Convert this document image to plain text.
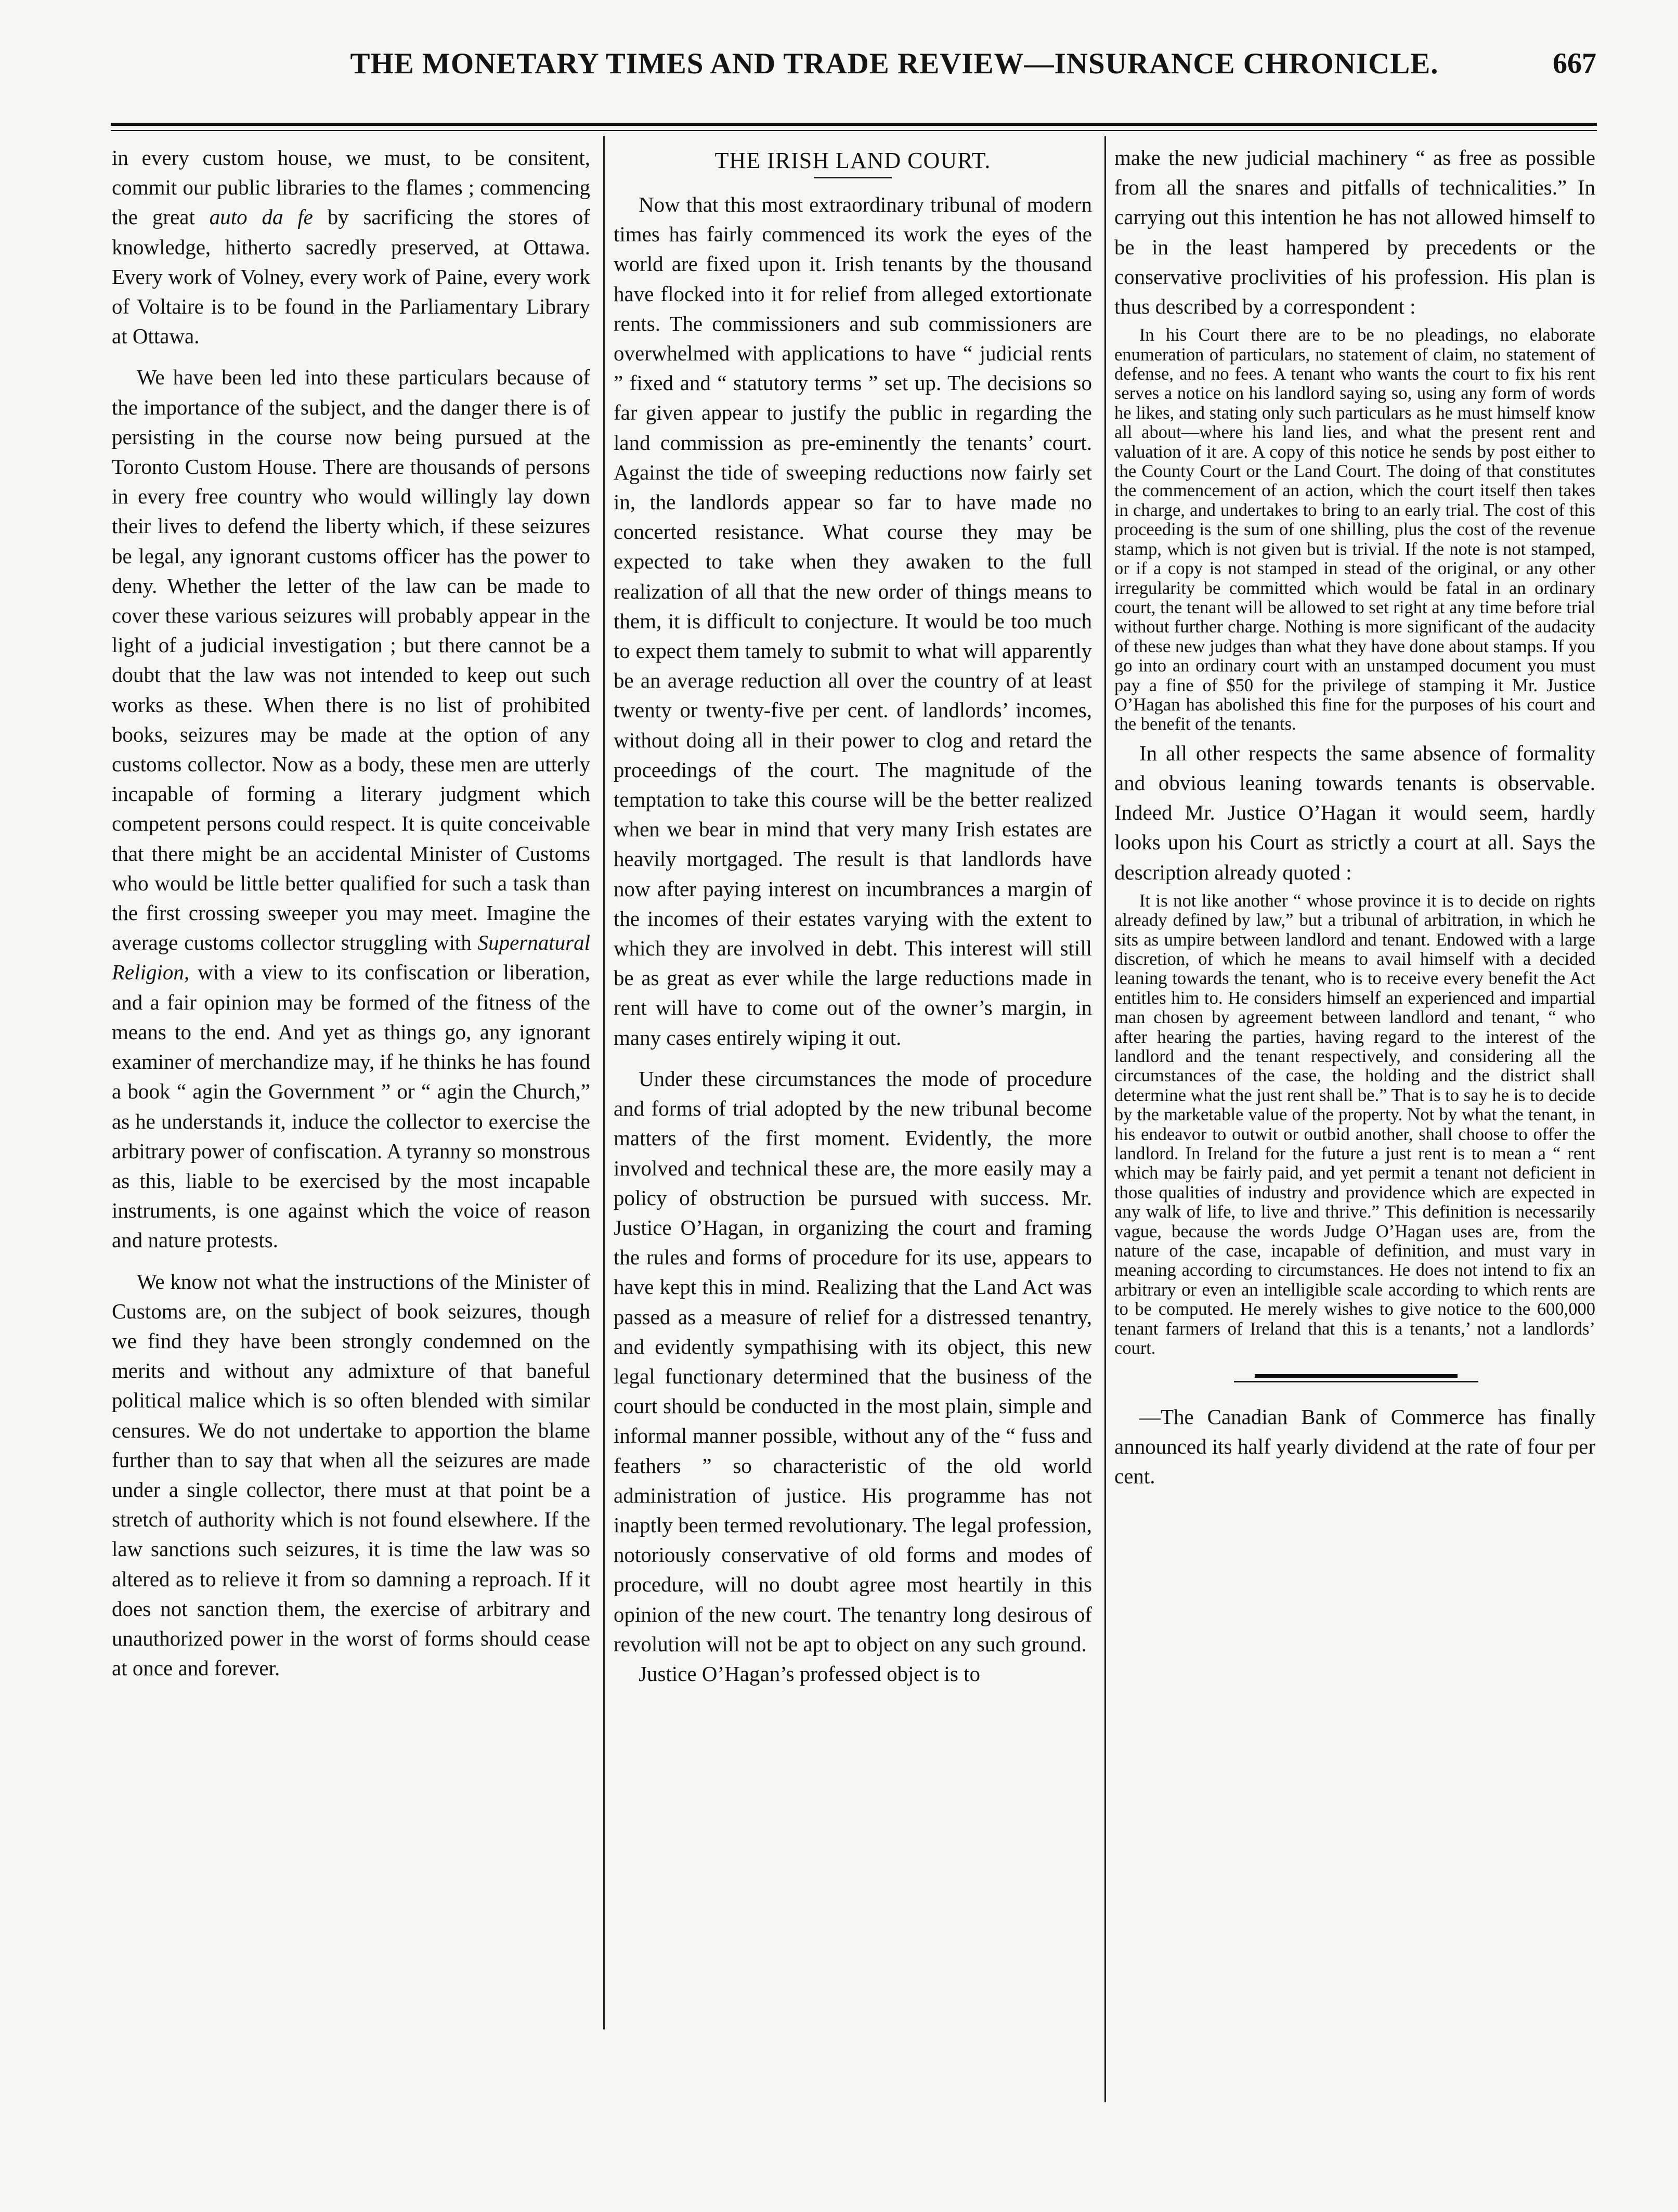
THE MONETARY TIMES AND TRADE REVIEW—INSURANCE CHRONICLE.	667

in every custom house, we must, to be consitent, commit our public libraries to the flames ; commencing the great auto da fe by sacrificing the stores of knowledge, hitherto sacredly preserved, at Ottawa. Every work of Volney, every work of Paine, every work of Voltaire is to be found in the Parliamentary Library at Ottawa.

We have been led into these particulars because of the importance of the subject, and the danger there is of persisting in the course now being pursued at the Toronto Custom House. There are thousands of persons in every free country who would willingly lay down their lives to defend the liberty which, if these seizures be legal, any ignorant customs officer has the power to deny. Whether the letter of the law can be made to cover these various seizures will probably appear in the light of a judicial investigation ; but there cannot be a doubt that the law was not intended to keep out such works as these. When there is no list of prohibited books, seizures may be made at the option of any customs collector. Now as a body, these men are utterly incapable of forming a literary judgment which competent persons could respect. It is quite conceivable that there might be an accidental Minister of Customs who would be little better qualified for such a task than the first crossing sweeper you may meet. Imagine the average customs collector struggling with Supernatural Religion, with a view to its confiscation or liberation, and a fair opinion may be formed of the fitness of the means to the end. And yet as things go, any ignorant examiner of merchandize may, if he thinks he has found a book “ agin the Government ” or “ agin the Church,” as he understands it, induce the collector to exercise the arbitrary power of confiscation. A tyranny so monstrous as this, liable to be exercised by the most incapable instruments, is one against which the voice of reason and nature protests.

We know not what the instructions of the Minister of Customs are, on the subject of book seizures, though we find they have been strongly condemned on the merits and without any admixture of that baneful political malice which is so often blended with similar censures. We do not undertake to apportion the blame further than to say that when all the seizures are made under a single collector, there must at that point be a stretch of authority which is not found elsewhere. If the law sanctions such seizures, it is time the law was so altered as to relieve it from so damning a reproach. If it does not sanction them, the exercise of arbitrary and unauthorized power in the worst of forms should cease at once and forever.

THE IRISH LAND COURT.

Now that this most extraordinary tribunal of modern times has fairly commenced its work the eyes of the world are fixed upon it. Irish tenants by the thousand have flocked into it for relief from alleged extortionate rents. The commissioners and sub commissioners are overwhelmed with applications to have “ judicial rents ” fixed and “ statutory terms ” set up. The decisions so far given appear to justify the public in regarding the land commission as pre-eminently the tenants’ court. Against the tide of sweeping reductions now fairly set in, the landlords appear so far to have made no concerted resistance. What course they may be expected to take when they awaken to the full realization of all that the new order of things means to them, it is difficult to conjecture. It would be too much to expect them tamely to submit to what will apparently be an average reduction all over the country of at least twenty or twenty-five per cent. of landlords’ incomes, without doing all in their power to clog and retard the proceedings of the court. The magnitude of the temptation to take this course will be the better realized when we bear in mind that very many Irish estates are heavily mortgaged. The result is that landlords have now after paying interest on incumbrances a margin of the incomes of their estates varying with the extent to which they are involved in debt. This interest will still be as great as ever while the large reductions made in rent will have to come out of the owner’s margin, in many cases entirely wiping it out.

Under these circumstances the mode of procedure and forms of trial adopted by the new tribunal become matters of the first moment. Evidently, the more involved and technical these are, the more easily may a policy of obstruction be pursued with success. Mr. Justice O’Hagan, in organizing the court and framing the rules and forms of procedure for its use, appears to have kept this in mind. Realizing that the Land Act was passed as a measure of relief for a distressed tenantry, and evidently sympathising with its object, this new legal functionary determined that the business of the court should be conducted in the most plain, simple and informal manner possible, without any of the “ fuss and feathers ” so characteristic of the old world administration of justice. His programme has not inaptly been termed revolutionary. The legal profession, notoriously conservative of old forms and modes of procedure, will no doubt agree most heartily in this opinion of the new court. The tenantry long desirous of revolution will not be apt to object on any such ground.

Justice O’Hagan’s professed object is to

make the new judicial machinery “ as free as possible from all the snares and pitfalls of technicalities.” In carrying out this intention he has not allowed himself to be in the least hampered by precedents or the conservative proclivities of his profession. His plan is thus described by a correspondent :

In his Court there are to be no pleadings, no elaborate enumeration of particulars, no statement of claim, no statement of defense, and no fees. A tenant who wants the court to fix his rent serves a notice on his landlord saying so, using any form of words he likes, and stating only such particulars as he must himself know all about—where his land lies, and what the present rent and valuation of it are. A copy of this notice he sends by post either to the County Court or the Land Court. The doing of that constitutes the commencement of an action, which the court itself then takes in charge, and undertakes to bring to an early trial. The cost of this proceeding is the sum of one shilling, plus the cost of the revenue stamp, which is not given but is trivial. If the note is not stamped, or if a copy is not stamped in stead of the original, or any other irregularity be committed which would be fatal in an ordinary court, the tenant will be allowed to set right at any time before trial without further charge. Nothing is more significant of the audacity of these new judges than what they have done about stamps. If you go into an ordinary court with an unstamped document you must pay a fine of $50 for the privilege of stamping it Mr. Justice O’Hagan has abolished this fine for the purposes of his court and the benefit of the tenants.

In all other respects the same absence of formality and obvious leaning towards tenants is observable. Indeed Mr. Justice O’Hagan it would seem, hardly looks upon his Court as strictly a court at all. Says the description already quoted :

It is not like another “ whose province it is to decide on rights already defined by law,” but a tribunal of arbitration, in which he sits as umpire between landlord and tenant. Endowed with a large discretion, of which he means to avail himself with a decided leaning towards the tenant, who is to receive every benefit the Act entitles him to. He considers himself an experienced and impartial man chosen by agreement between landlord and tenant, “ who after hearing the parties, having regard to the interest of the landlord and the tenant respectively, and considering all the circumstances of the case, the holding and the district shall determine what the just rent shall be.” That is to say he is to decide by the marketable value of the property. Not by what the tenant, in his endeavor to outwit or outbid another, shall choose to offer the landlord. In Ireland for the future a just rent is to mean a “ rent which may be fairly paid, and yet permit a tenant not deficient in those qualities of industry and providence which are expected in any walk of life, to live and thrive.” This definition is necessarily vague, because the words Judge O’Hagan uses are, from the nature of the case, incapable of definition, and must vary in meaning according to circumstances. He does not intend to fix an arbitrary or even an intelligible scale according to which rents are to be computed. He merely wishes to give notice to the 600,000 tenant farmers of Ireland that this is a tenants,’ not a landlords’ court.

—The Canadian Bank of Commerce has finally announced its half yearly dividend at the rate of four per cent.
